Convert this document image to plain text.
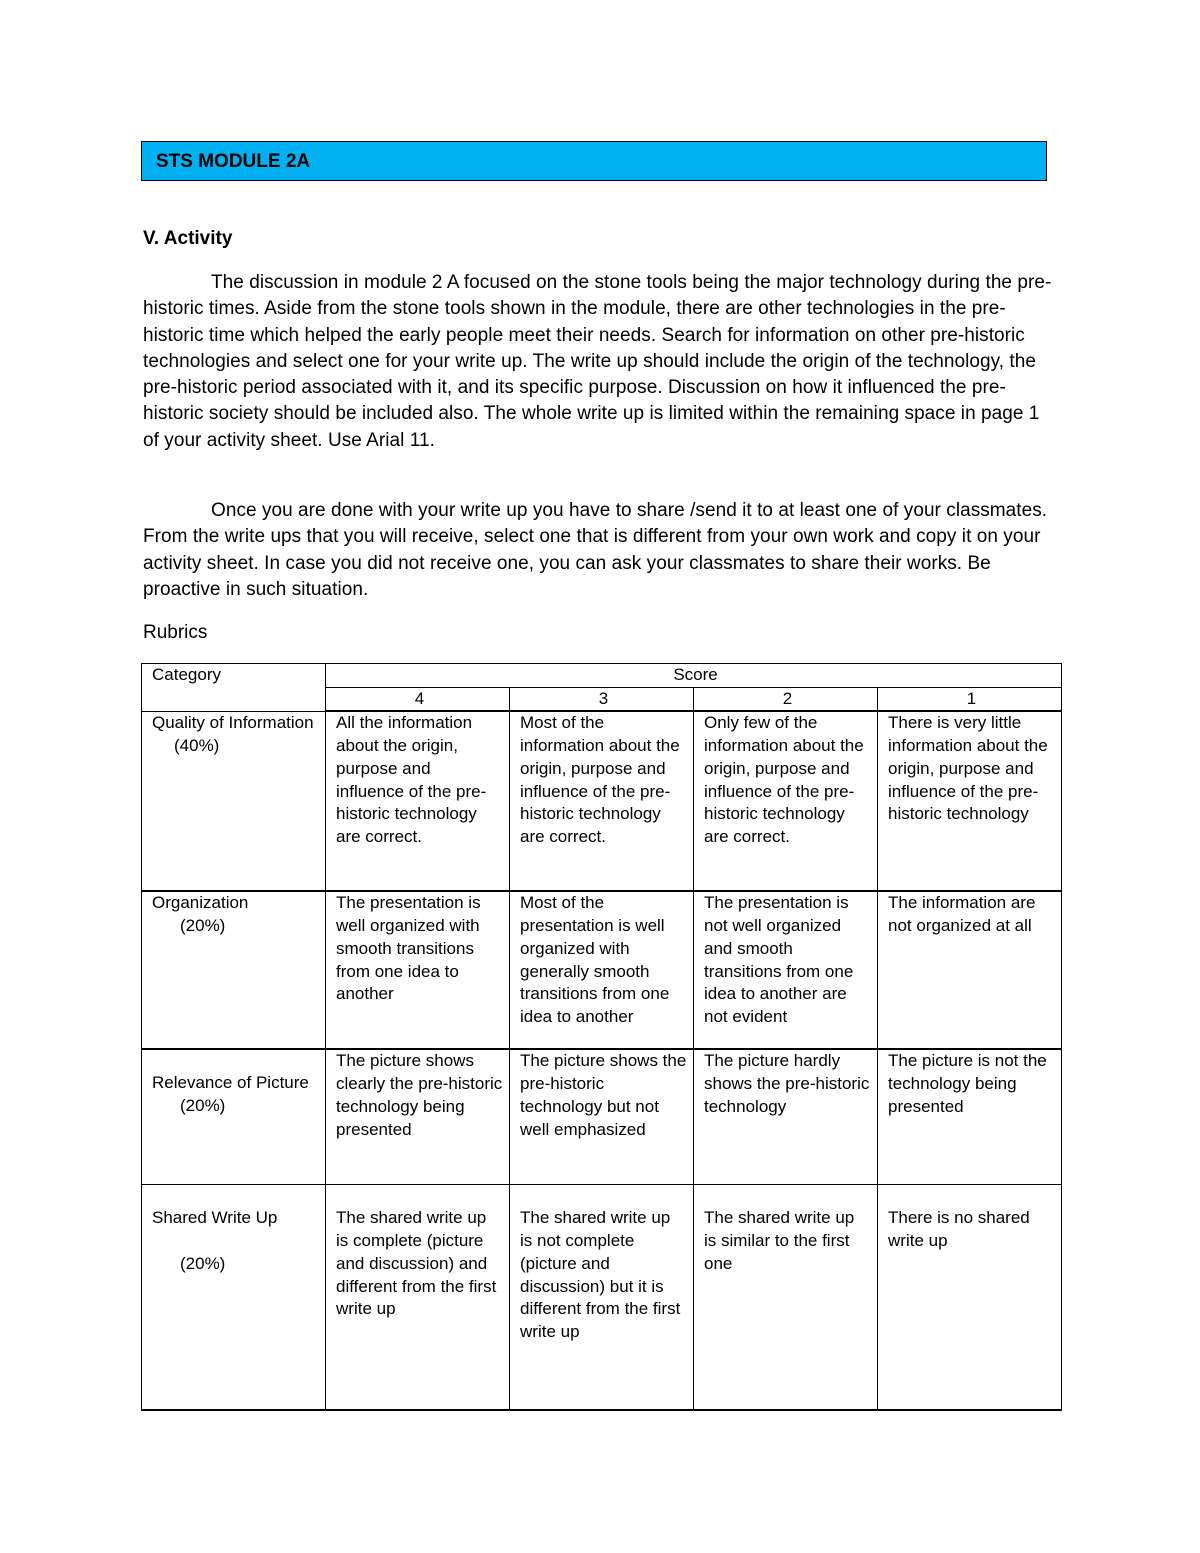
STS MODULE 2A
V. Activity

The discussion in module 2 A focused on the stone tools being the major technology during the pre-historic times. Aside from the stone tools shown in the module, there are other technologies in the pre-historic time which helped the early people meet their needs. Search for information on other pre-historic technologies and select one for your write up. The write up should include the origin of the technology, the pre-historic period associated with it, and its specific purpose. Discussion on how it influenced the pre-historic society should be included also. The whole write up is limited within the remaining space in page 1 of your activity sheet. Use Arial 11.

Once you are done with your write up you have to share /send it to at least one of your classmates. From the write ups that you will receive, select one that is different from your own work and copy it on your activity sheet. In case you did not receive one, you can ask your classmates to share their works. Be proactive in such situation.

Rubrics
Category	Score			
	4	3	2	1

Quality of Information
(40%)	All the information about the origin, purpose and influence of the pre-historic technology are correct.	Most of the information about the origin, purpose and influence of the pre-historic technology are correct.	Only few of the information about the origin, purpose and influence of the pre-historic technology are correct.	There is very little information about the origin, purpose and influence of the pre-historic technology

Organization
(20%)	The presentation is well organized with smooth transitions from one idea to another	Most of the presentation is well organized with generally smooth transitions from one idea to another	The presentation is not well organized and smooth transitions from one idea to another are not evident	The information are not organized at all

Relevance of Picture
(20%)	The picture shows clearly the pre-historic technology being presented	The picture shows the pre-historic technology but not well emphasized	The picture hardly shows the pre-historic technology	The picture is not the technology being presented

Shared Write Up
(20%)	The shared write up is complete (picture and discussion) and different from the first write up	The shared write up is not complete (picture and discussion) but it is different from the first write up	The shared write up is similar to the first one	There is no shared write up
